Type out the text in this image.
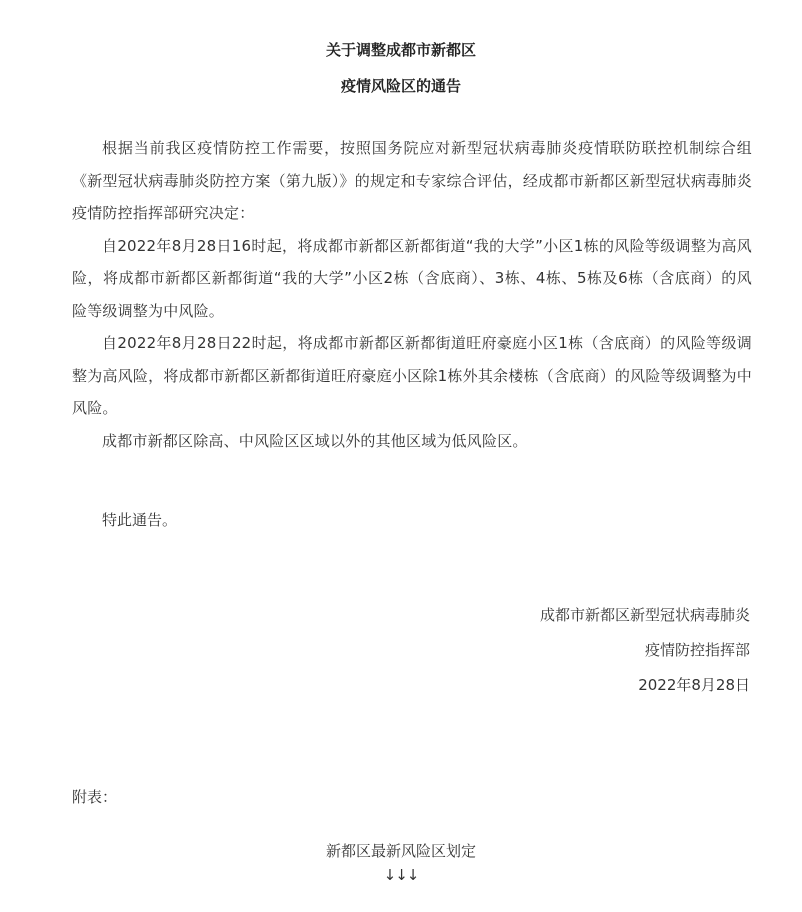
关于调整成都市新都区
疫情风险区的通告

根据当前我区疫情防控工作需要，按照国务院应对新型冠状病毒肺炎疫情联防联控机制综合组《新型冠状病毒肺炎防控方案（第九版）》的规定和专家综合评估，经成都市新都区新型冠状病毒肺炎疫情防控指挥部研究决定：

自2022年8月28日16时起，将成都市新都区新都街道“我的大学”小区1栋的风险等级调整为高风险，将成都市新都区新都街道“我的大学”小区2栋（含底商）、3栋、4栋、5栋及6栋（含底商）的风险等级调整为中风险。

自2022年8月28日22时起，将成都市新都区新都街道旺府豪庭小区1栋（含底商）的风险等级调整为高风险，将成都市新都区新都街道旺府豪庭小区除1栋外其余楼栋（含底商）的风险等级调整为中风险。

成都市新都区除高、中风险区区域以外的其他区域为低风险区。

特此通告。

成都市新都区新型冠状病毒肺炎

疫情防控指挥部

2022年8月28日

附表：

新都区最新风险区划定

↓↓↓
